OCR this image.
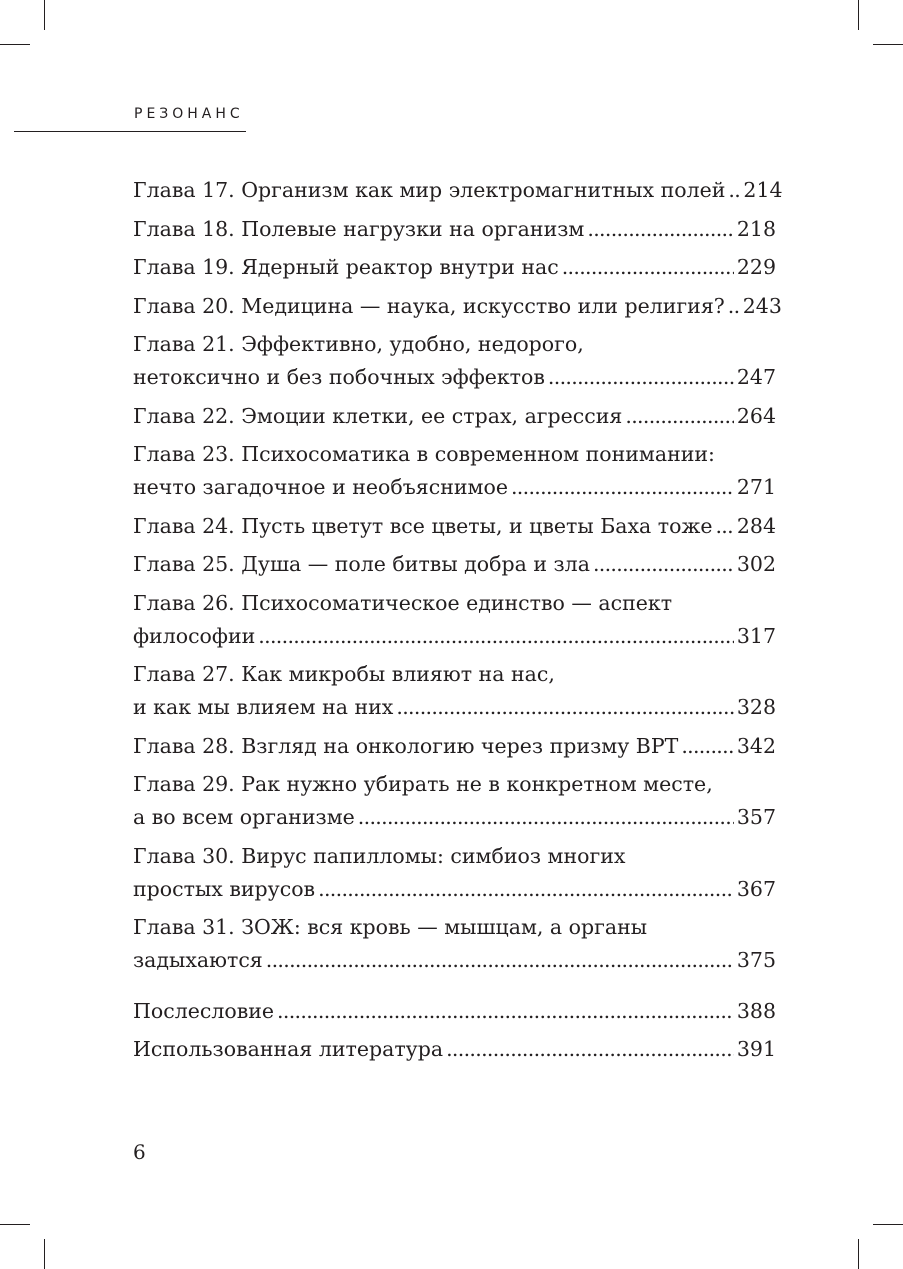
РЕЗОНАНС
Глава 17. Организм как мир электромагнитных полей . . . 214
Глава 18. Полевые нагрузки на организм . . .	218
Глава 19. Ядерный реактор внутри нас . . .	229
Глава 20. Медицина — наука, искусство или религия? . . . 243
Глава 21. Эффективно, удобно, недорого,
нетоксично и без побочных эффектов . . .	247
Глава 22. Эмоции клетки, ее страх, агрессия . . .	264
Глава 23. Психосоматика в современном понимании:
нечто загадочное и необъяснимое . . .	271
Глава 24. Пусть цветут все цветы, и цветы Баха тоже . . . 284
Глава 25. Душа — поле битвы добра и зла . . .	302
Глава 26. Психосоматическое единство — аспект
философии . . .	317
Глава 27. Как микробы влияют на нас,
и как мы влияем на них . . .	328
Глава 28. Взгляд на онкологию через призму ВРТ . . .	342
Глава 29. Рак нужно убирать не в конкретном месте,
а во всем организме . . .	357
Глава 30. Вирус папилломы: симбиоз многих
простых вирусов . . .	367
Глава 31. ЗОЖ: вся кровь — мышцам, а органы
задыхаются . . .	375
Послесловие . . .	388
Использованная литература . . .	391
6
